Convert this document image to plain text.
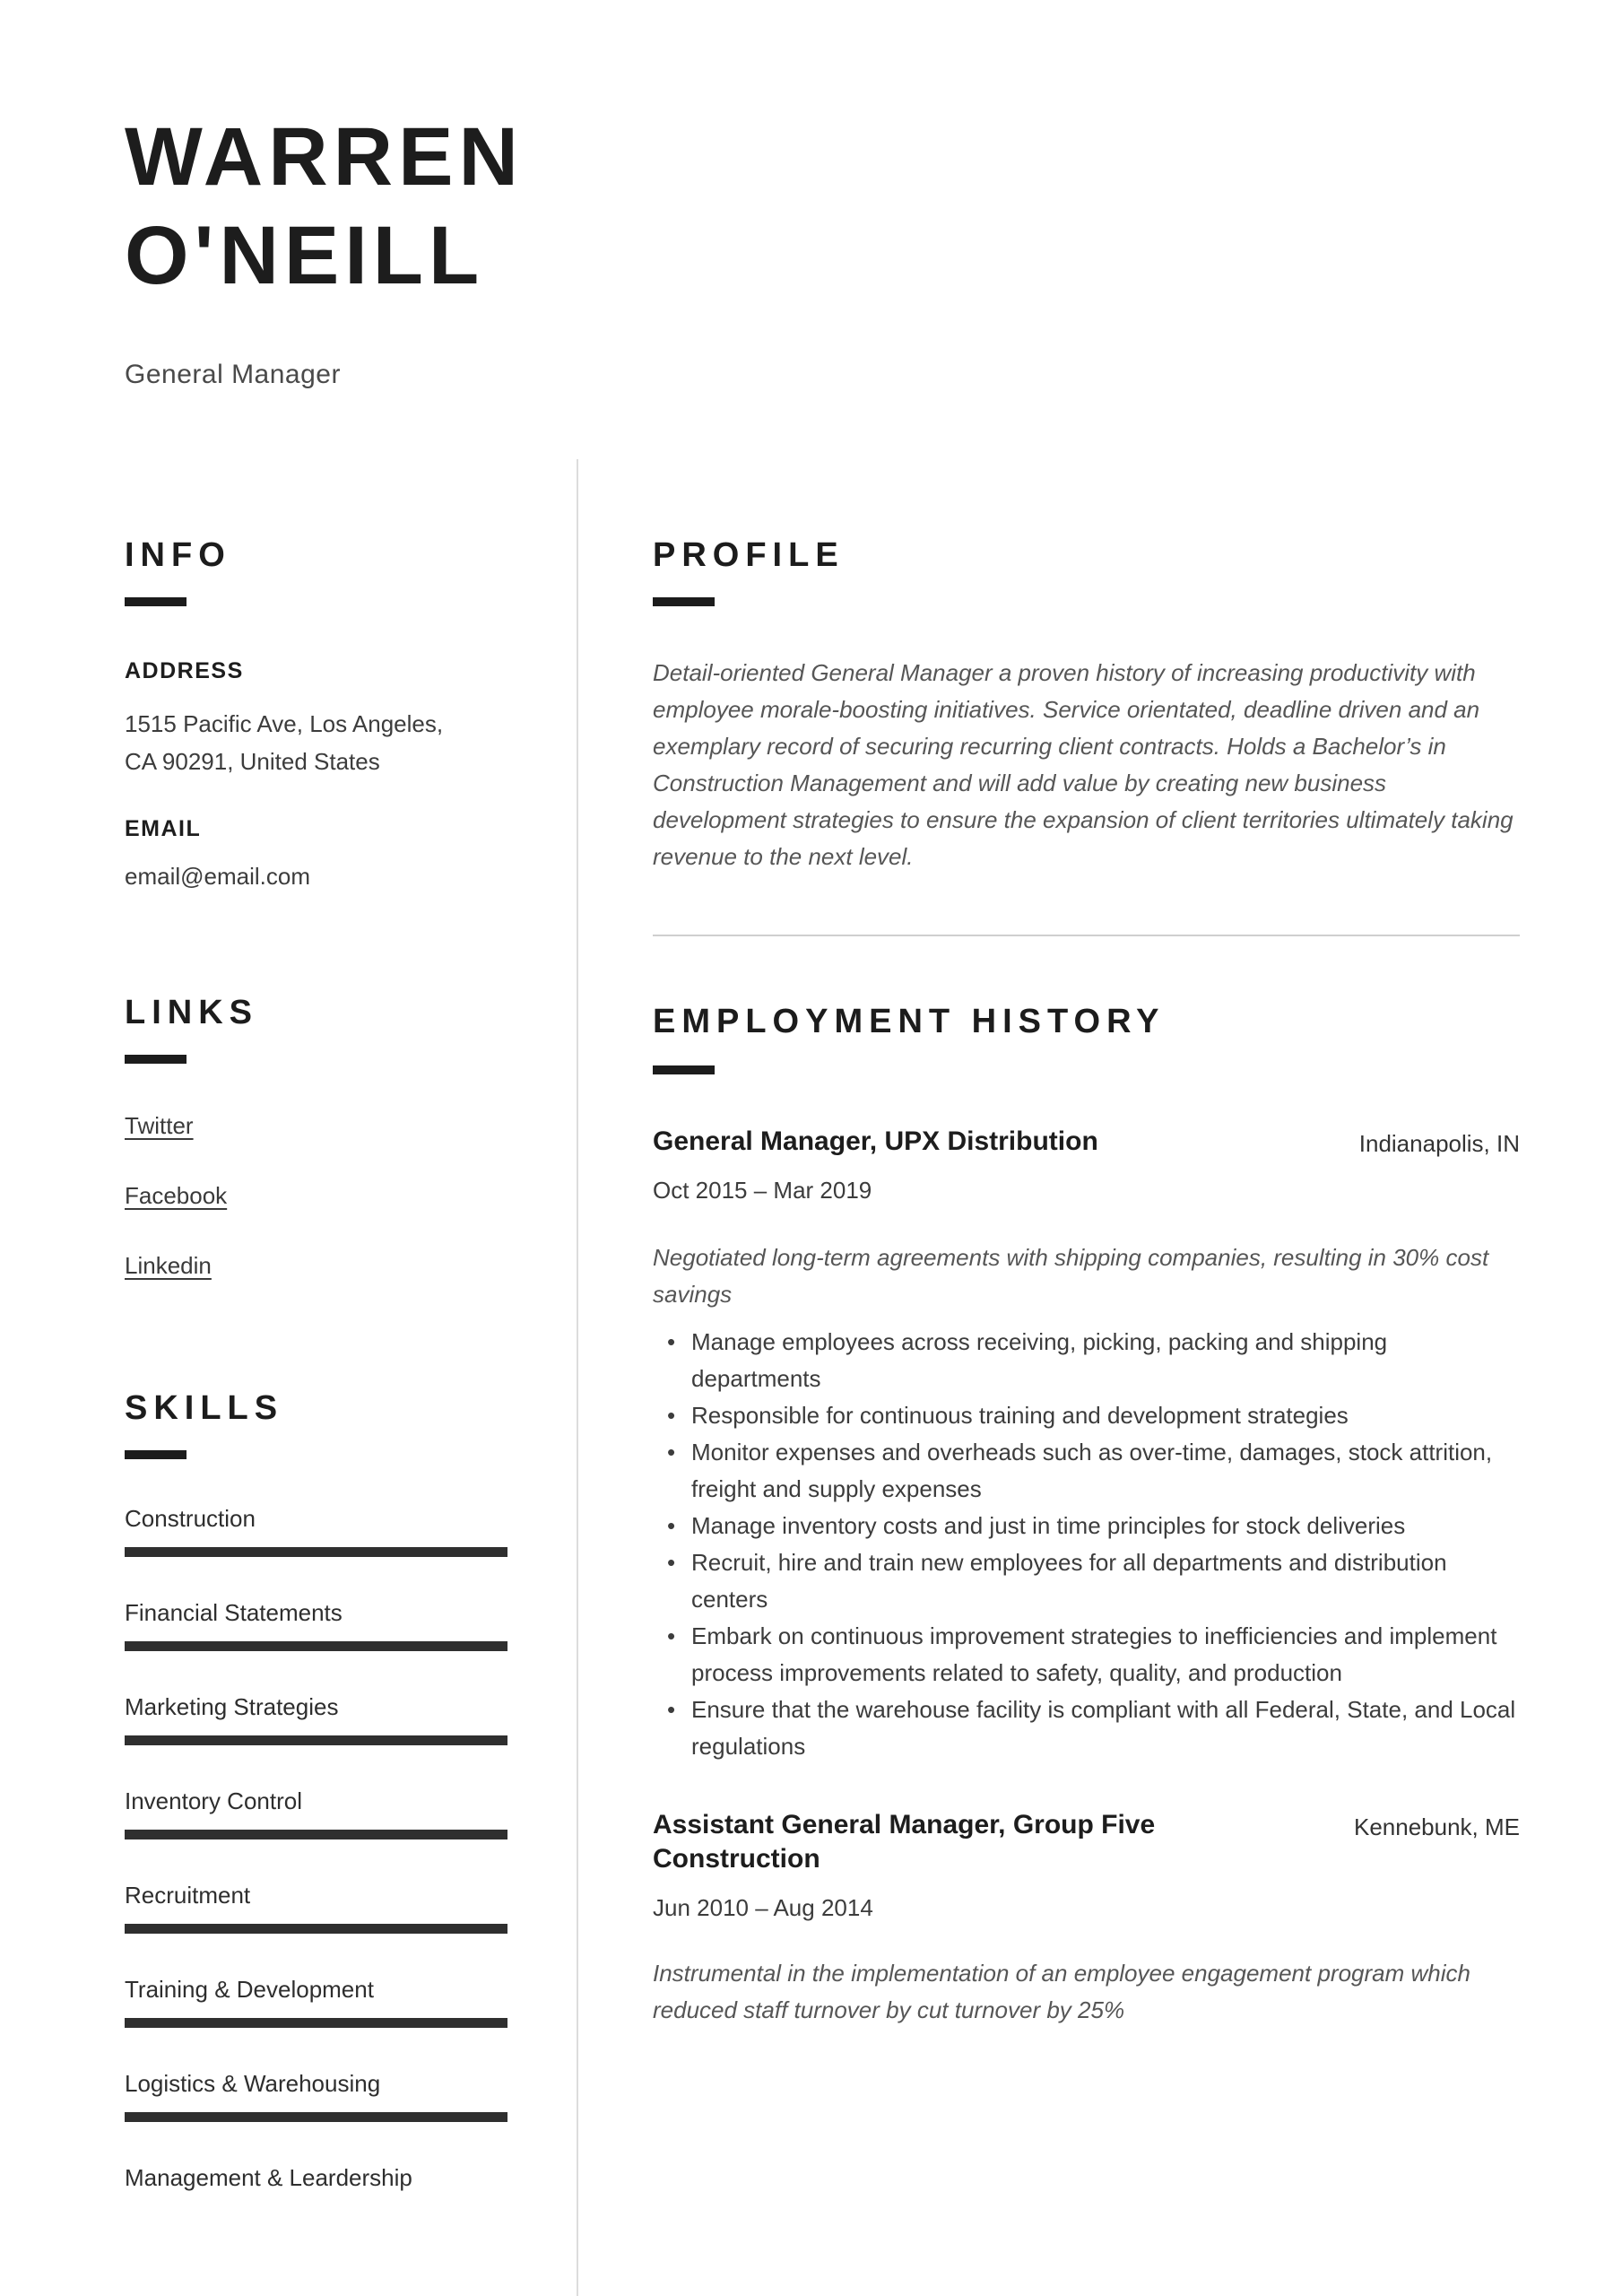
WARREN
O'NEILL
General Manager
INFO
ADDRESS
1515 Pacific Ave, Los Angeles,
CA 90291, United States
EMAIL
email@email.com
LINKS
Twitter
Facebook
Linkedin
SKILLS
Construction
Financial Statements
Marketing Strategies
Inventory Control
Recruitment
Training & Development
Logistics & Warehousing
Management & Leardership
PROFILE
Detail-oriented General Manager a proven history of increasing productivity with employee morale-boosting initiatives. Service orientated, deadline driven and an exemplary record of securing recurring client contracts. Holds a Bachelor’s in Construction Management and will add value by creating new business development strategies to ensure the expansion of client territories ultimately taking revenue to the next level.
EMPLOYMENT HISTORY
General Manager, UPX Distribution	Indianapolis, IN
Oct 2015 – Mar 2019
Negotiated long-term agreements with shipping companies, resulting in 30% cost savings
• Manage employees across receiving, picking, packing and shipping departments
• Responsible for continuous training and development strategies
• Monitor expenses and overheads such as over-time, damages, stock attrition, freight and supply expenses
• Manage inventory costs and just in time principles for stock deliveries
• Recruit, hire and train new employees for all departments and distribution centers
• Embark on continuous improvement strategies to inefficiencies and implement process improvements related to safety, quality, and production
• Ensure that the warehouse facility is compliant with all Federal, State, and Local regulations
Assistant General Manager, Group Five Construction
Kennebunk, ME
Jun 2010 – Aug 2014
Instrumental in the implementation of an employee engagement program which reduced staff turnover by cut turnover by 25%
